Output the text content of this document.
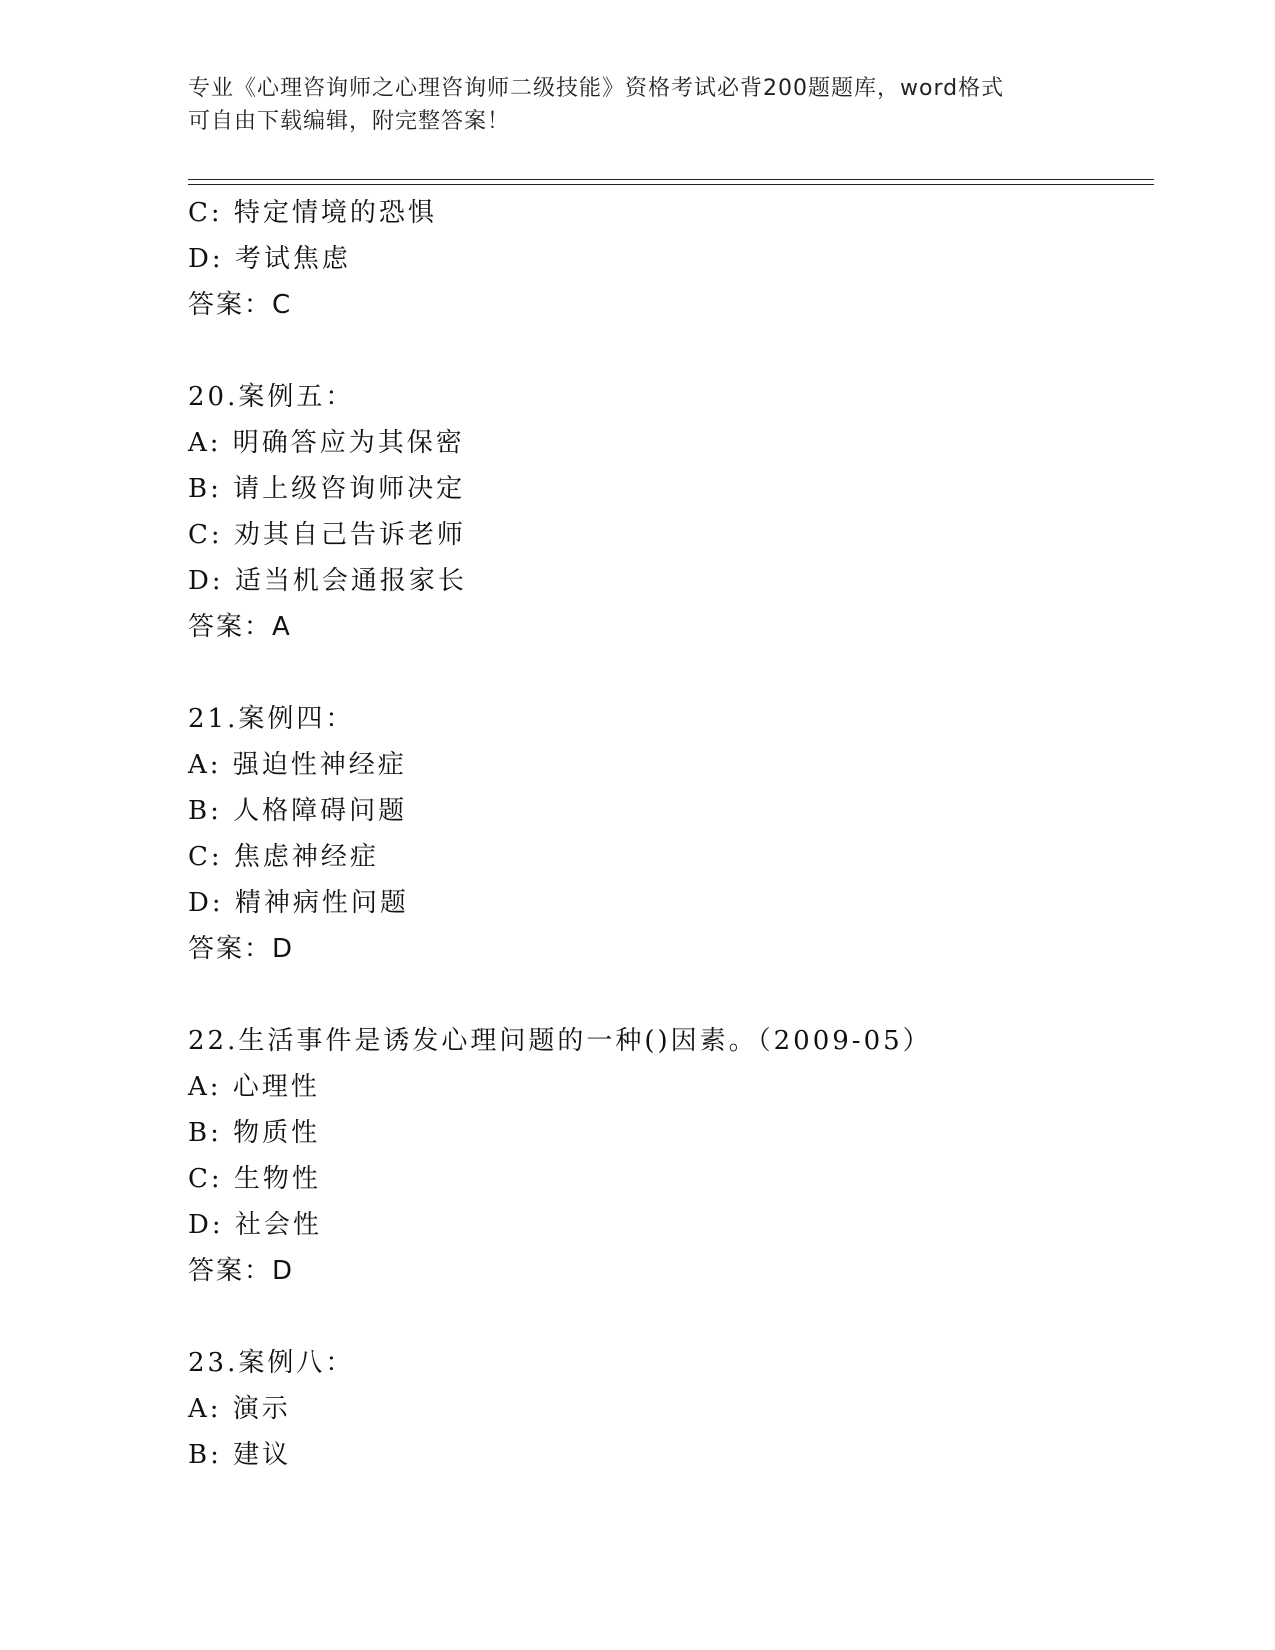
专业《心理咨询师之心理咨询师二级技能》资格考试必背200题题库，word格式
可自由下载编辑，附完整答案！
C: 特定情境的恐惧
D: 考试焦虑
答案：C
20.案例五：
A: 明确答应为其保密
B: 请上级咨询师决定
C: 劝其自己告诉老师
D: 适当机会通报家长
答案：A
21.案例四：
A: 强迫性神经症
B: 人格障碍问题
C: 焦虑神经症
D: 精神病性问题
答案：D
22.生活事件是诱发心理问题的一种()因素。（2009-05）
A: 心理性
B: 物质性
C: 生物性
D: 社会性
答案：D
23.案例八：
A: 演示
B: 建议
